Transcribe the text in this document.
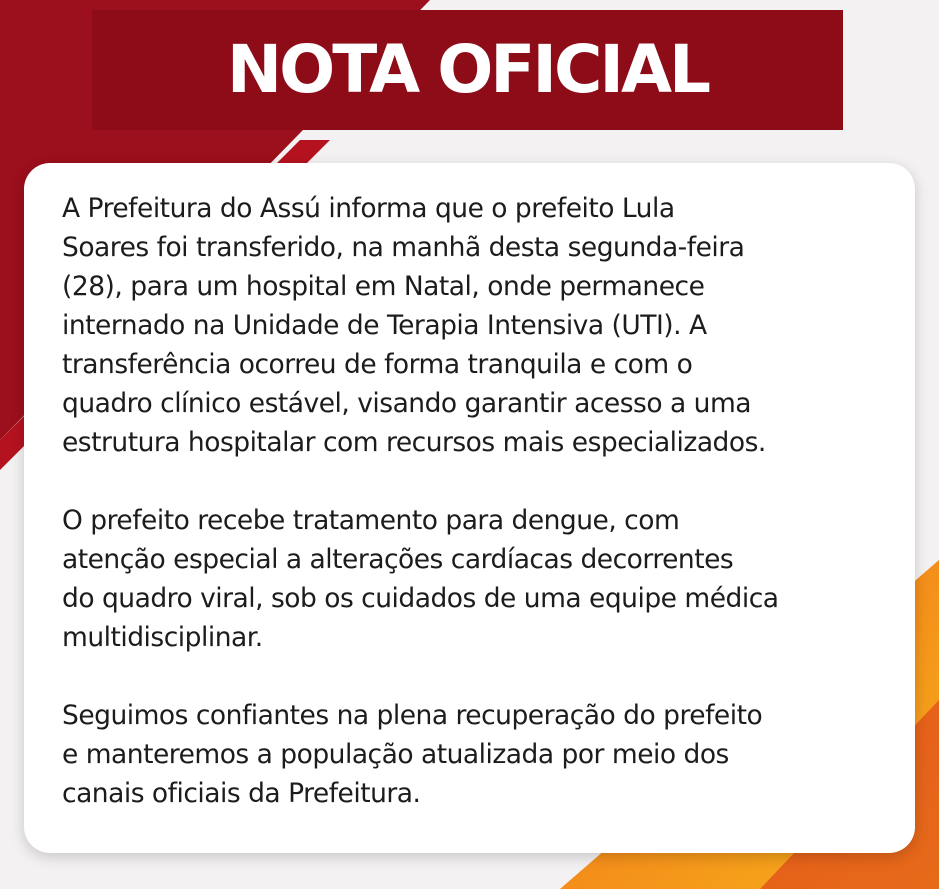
NOTA OFICIAL

A Prefeitura do Assú informa que o prefeito Lula
Soares foi transferido, na manhã desta segunda-feira
(28), para um hospital em Natal, onde permanece
internado na Unidade de Terapia Intensiva (UTI). A
transferência ocorreu de forma tranquila e com o
quadro clínico estável, visando garantir acesso a uma
estrutura hospitalar com recursos mais especializados.

O prefeito recebe tratamento para dengue, com
atenção especial a alterações cardíacas decorrentes
do quadro viral, sob os cuidados de uma equipe médica
multidisciplinar.

Seguimos confiantes na plena recuperação do prefeito
e manteremos a população atualizada por meio dos
canais oficiais da Prefeitura.
